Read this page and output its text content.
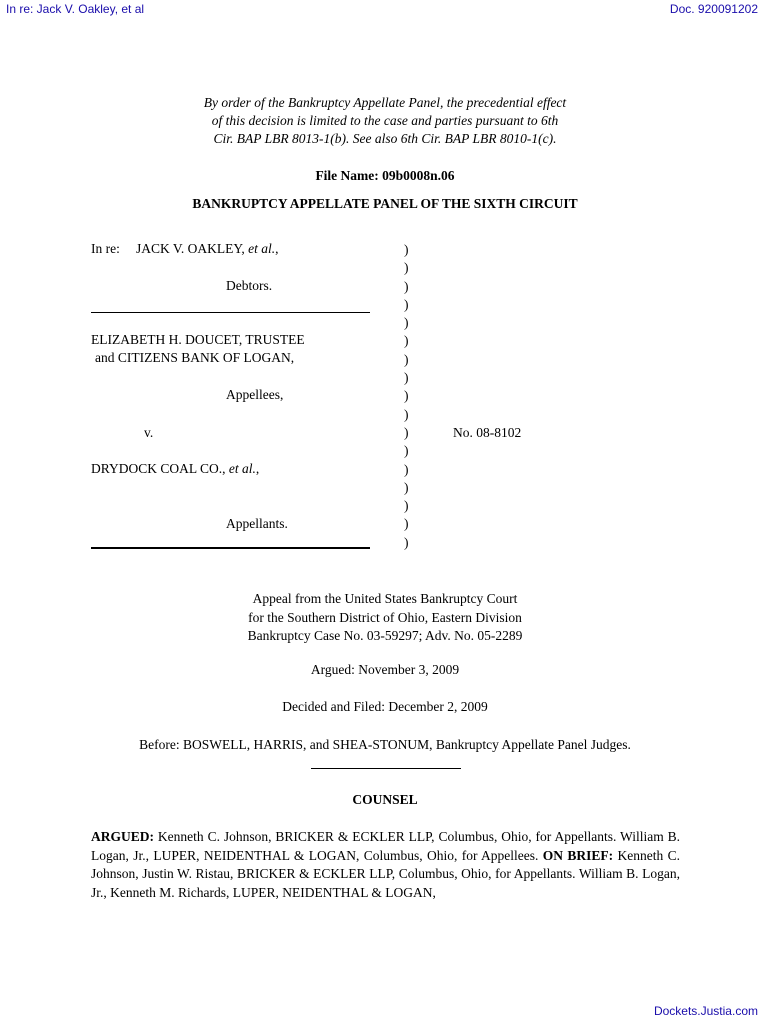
In re: Jack V. Oakley, et al	Doc. 920091202
By order of the Bankruptcy Appellate Panel, the precedential effect
of this decision is limited to the case and parties pursuant to 6th
Cir. BAP LBR 8013-1(b). See also 6th Cir. BAP LBR 8010-1(c).
File Name: 09b0008n.06
BANKRUPTCY APPELLATE PANEL OF THE SIXTH CIRCUIT
In re: JACK V. OAKLEY, et al.,
Debtors.
ELIZABETH H. DOUCET, TRUSTEE
and CITIZENS BANK OF LOGAN,
Appellees,
v.
DRYDOCK COAL CO., et al.,
Appellants.
)
)
)
)
)
)
)
)
)
)
)
)
)
)
)
)
)
No. 08-8102
Appeal from the United States Bankruptcy Court
for the Southern District of Ohio, Eastern Division
Bankruptcy Case No. 03-59297; Adv. No. 05-2289
Argued: November 3, 2009
Decided and Filed: December 2, 2009
Before: BOSWELL, HARRIS, and SHEA-STONUM, Bankruptcy Appellate Panel Judges.
COUNSEL
ARGUED: Kenneth C. Johnson, BRICKER & ECKLER LLP, Columbus, Ohio, for Appellants. William B. Logan, Jr., LUPER, NEIDENTHAL & LOGAN, Columbus, Ohio, for Appellees. ON BRIEF: Kenneth C. Johnson, Justin W. Ristau, BRICKER & ECKLER LLP, Columbus, Ohio, for Appellants. William B. Logan, Jr., Kenneth M. Richards, LUPER, NEIDENTHAL & LOGAN,
Dockets.Justia.com
